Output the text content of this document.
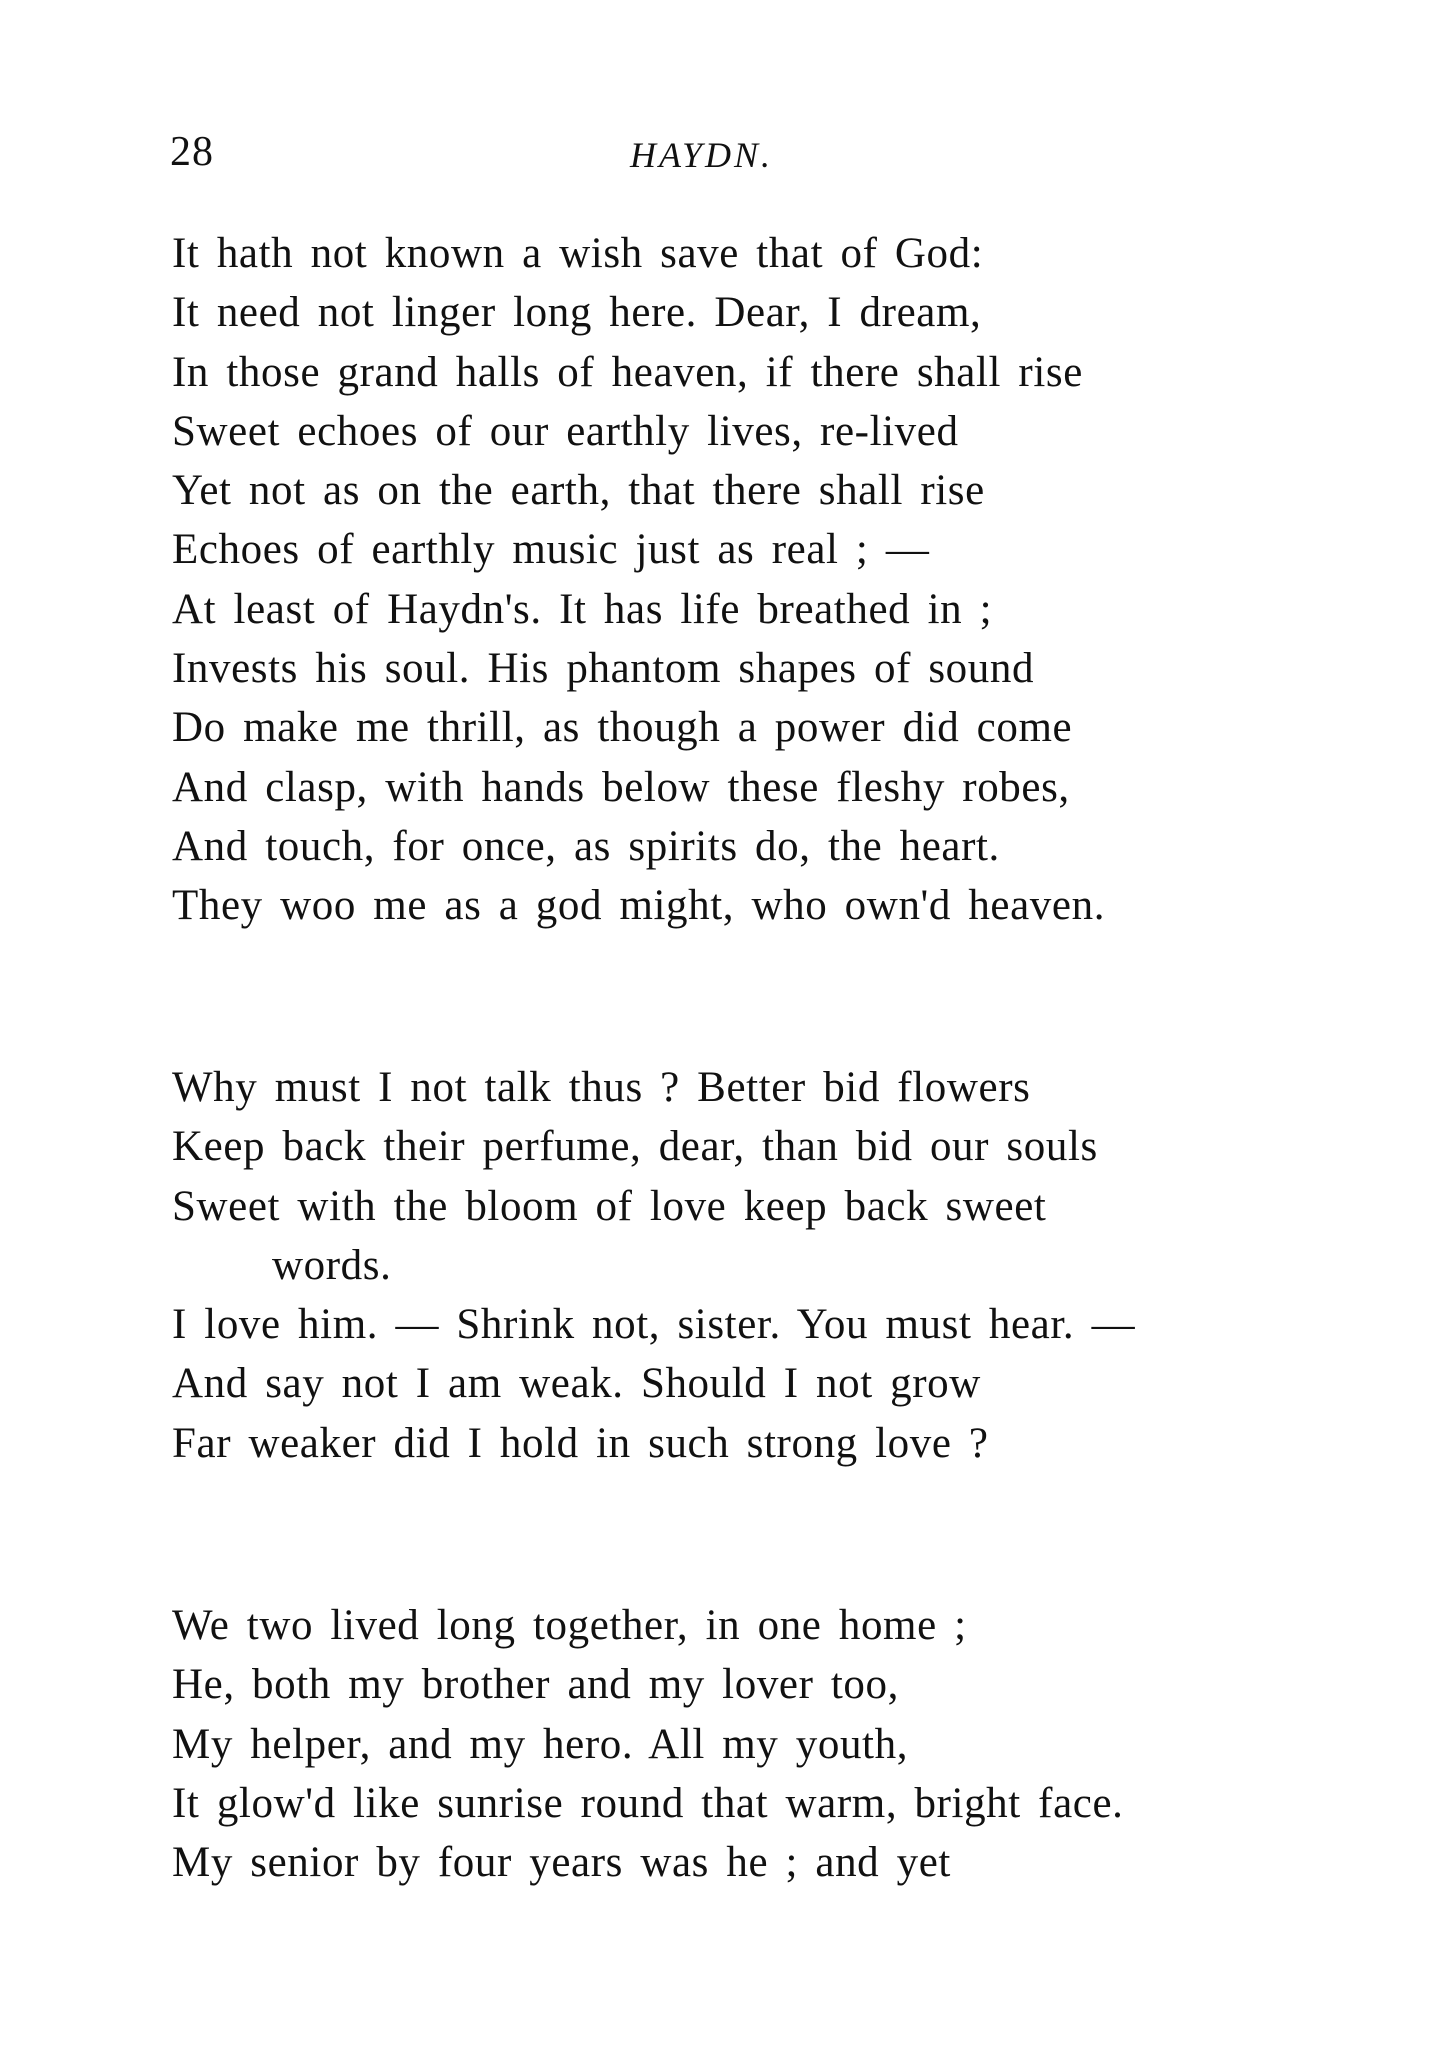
28	HAYDN.
It hath not known a wish save that of God:
It need not linger long here. Dear, I dream,
In those grand halls of heaven, if there shall rise
Sweet echoes of our earthly lives, re-lived
Yet not as on the earth, that there shall rise
Echoes of earthly music just as real ; —
At least of Haydn's. It has life breathed in ;
Invests his soul. His phantom shapes of sound
Do make me thrill, as though a power did come
And clasp, with hands below these fleshy robes,
And touch, for once, as spirits do, the heart.
They woo me as a god might, who own'd heaven.
Why must I not talk thus ? Better bid flowers
Keep back their perfume, dear, than bid our souls
Sweet with the bloom of love keep back sweet
words.
I love him. — Shrink not, sister. You must hear. —
And say not I am weak. Should I not grow
Far weaker did I hold in such strong love ?
We two lived long together, in one home ;
He, both my brother and my lover too,
My helper, and my hero. All my youth,
It glow'd like sunrise round that warm, bright face.
My senior by four years was he ; and yet
